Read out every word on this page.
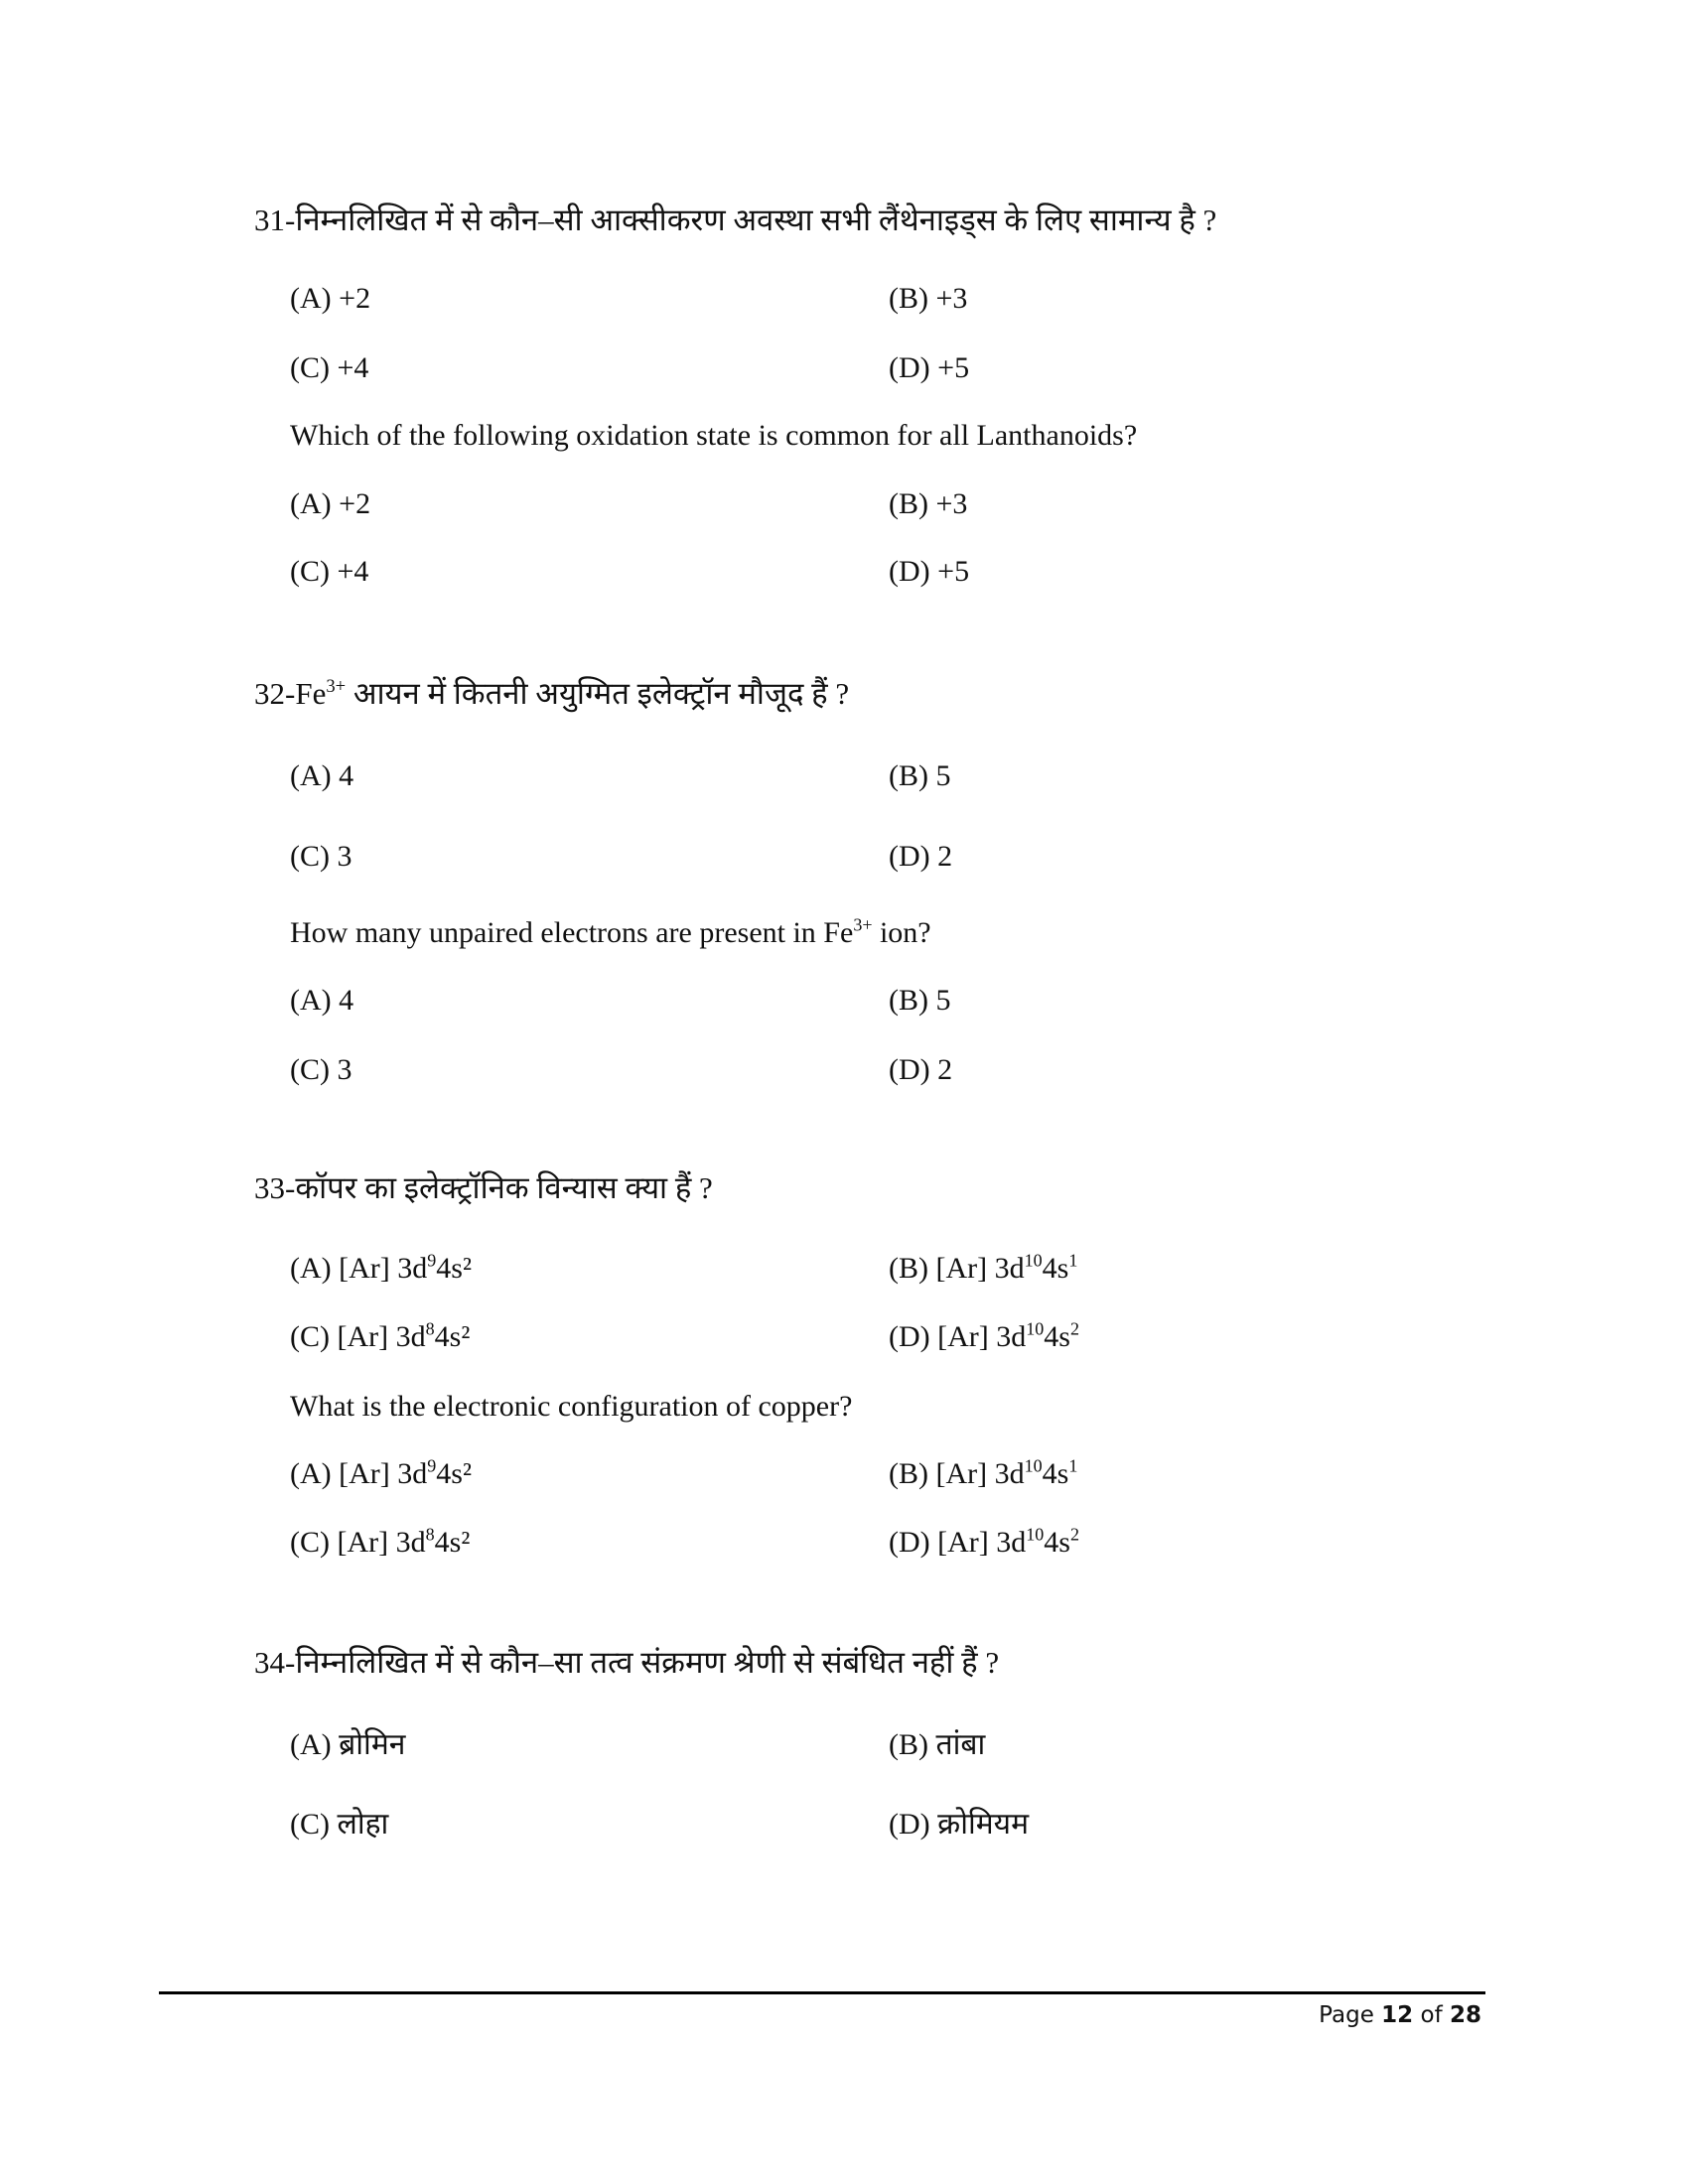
31-निम्नलिखित में से कौन–सी आक्सीकरण अवस्था सभी लैंथेनाइड्स के लिए सामान्य है ?
(A) +2	(B) +3
(C) +4	(D) +5
Which of the following oxidation state is common for all Lanthanoids?
(A) +2	(B) +3
(C) +4	(D) +5
$32-Fe^{3+}$ आयन में कितनी अयुग्मित इलेक्ट्रॉन मौजूद हैं ?
(A) 4	(B) 5
(C) 3	(D) 2
How many unpaired electrons are present in $Fe^{3+}$ ion?
(A) 4	(B) 5
(C) 3	(D) 2
33-कॉपर का इलेक्ट्रॉनिक विन्यास क्या हैं ?
(A) [Ar] $3d^94s^2$	(B) [Ar] $3d^{10}4s^1$
(C) [Ar] $3d^84s^2$	(D) [Ar] $3d^{10}4s^2$
What is the electronic configuration of copper?
(A) [Ar] $3d^94s^2$	(B) [Ar] $3d^{10}4s^1$
(C) [Ar] $3d^84s^2$	(D) [Ar] $3d^{10}4s^2$
34-निम्नलिखित में से कौन–सा तत्व संक्रमण श्रेणी से संबंधित नहीं हैं ?
(A) ब्रोमिन	(B) तांबा
(C) लोहा	(D) क्रोमियम
Page 12 of 28
